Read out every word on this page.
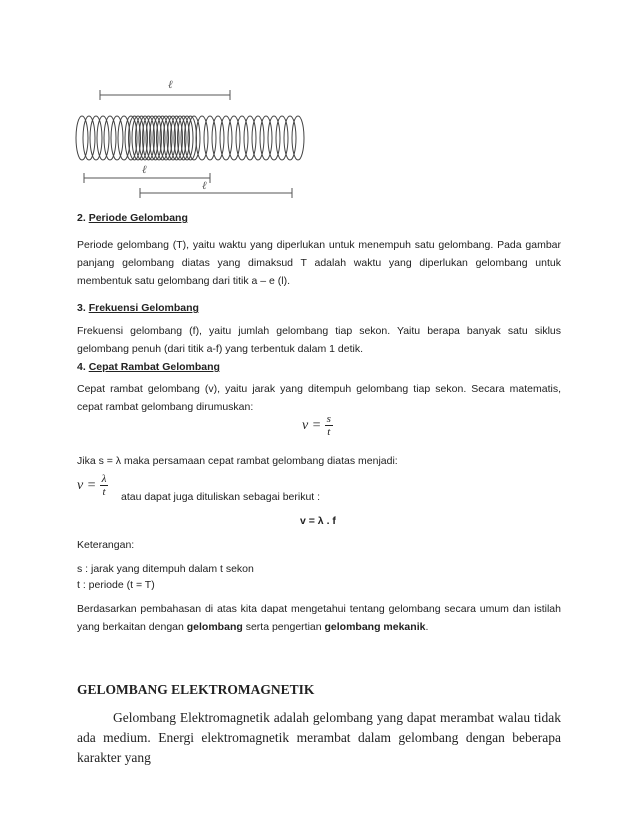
ℓ
ℓ
ℓ
2. Periode Gelombang
Periode gelombang (T), yaitu waktu yang diperlukan untuk menempuh satu gelombang. Pada gambar panjang gelombang diatas yang dimaksud T adalah waktu yang diperlukan gelombang untuk membentuk satu gelombang dari titik a – e (l).
3. Frekuensi Gelombang
Frekuensi gelombang (f), yaitu jumlah gelombang tiap sekon. Yaitu berapa banyak satu siklus gelombang penuh (dari titik a-f) yang terbentuk dalam 1 detik.
4. Cepat Rambat Gelombang
Cepat rambat gelombang (v), yaitu jarak yang ditempuh gelombang tiap sekon. Secara matematis, cepat rambat gelombang dirumuskan:
$v = \frac{s}{t}$
Jika s = λ maka persamaan cepat rambat gelombang diatas menjadi:
$v = \frac{\lambda}{t}$ atau dapat juga dituliskan sebagai berikut :
v = λ . f
Keterangan:
s : jarak yang ditempuh dalam t sekon
t : periode (t = T)
Berdasarkan pembahasan di atas kita dapat mengetahui tentang gelombang secara umum dan istilah yang berkaitan dengan gelombang serta pengertian gelombang mekanik.
GELOMBANG ELEKTROMAGNETIK
Gelombang Elektromagnetik adalah gelombang yang dapat merambat walau tidak ada medium. Energi elektromagnetik merambat dalam gelombang dengan beberapa karakter yang
